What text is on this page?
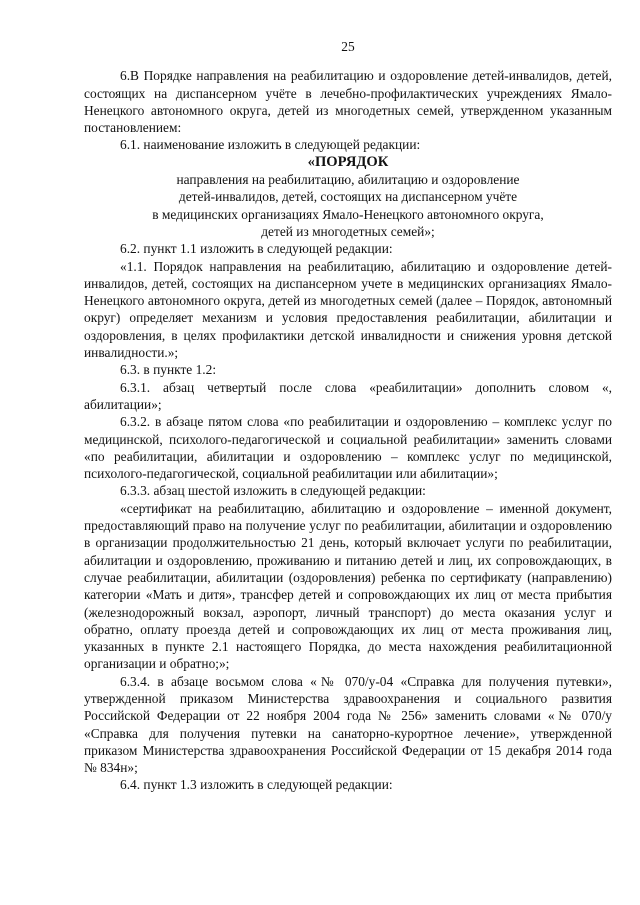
25

6.В Порядке направления на реабилитацию и оздоровление детей-инвалидов, детей, состоящих на диспансерном учёте в лечебно-профилактических учреждениях Ямало-Ненецкого автономного округа, детей из многодетных семей, утвержденном указанным постановлением:

6.1. наименование изложить в следующей редакции:

«ПОРЯДОК
направления на реабилитацию, абилитацию и оздоровление
детей-инвалидов, детей, состоящих на диспансерном учёте
в медицинских организациях Ямало-Ненецкого автономного округа,
детей из многодетных семей»;

6.2. пункт 1.1 изложить в следующей редакции:

«1.1. Порядок направления на реабилитацию, абилитацию и оздоровление детей-инвалидов, детей, состоящих на диспансерном учете в медицинских организациях Ямало-Ненецкого автономного округа, детей из многодетных семей (далее – Порядок, автономный округ) определяет механизм и условия предоставления реабилитации, абилитации и оздоровления, в целях профилактики детской инвалидности и снижения уровня детской инвалидности.»;

6.3. в пункте 1.2:

6.3.1. абзац четвертый после слова «реабилитации» дополнить словом «, абилитации»;

6.3.2. в абзаце пятом слова «по реабилитации и оздоровлению – комплекс услуг по медицинской, психолого-педагогической и социальной реабилитации» заменить словами «по реабилитации, абилитации и оздоровлению – комплекс услуг по медицинской, психолого-педагогической, социальной реабилитации или абилитации»;

6.3.3. абзац шестой изложить в следующей редакции:

«сертификат на реабилитацию, абилитацию и оздоровление – именной документ, предоставляющий право на получение услуг по реабилитации, абилитации и оздоровлению в организации продолжительностью 21 день, который включает услуги по реабилитации, абилитации и оздоровлению, проживанию и питанию детей и лиц, их сопровождающих, в случае реабилитации, абилитации (оздоровления) ребенка по сертификату (направлению) категории «Мать и дитя», трансфер детей и сопровождающих их лиц от места прибытия (железнодорожный вокзал, аэропорт, личный транспорт) до места оказания услуг и обратно, оплату проезда детей и сопровождающих их лиц от места проживания лиц, указанных в пункте 2.1 настоящего Порядка, до места нахождения реабилитационной организации и обратно;»;

6.3.4. в абзаце восьмом слова «№ 070/у-04 «Справка для получения путевки», утвержденной приказом Министерства здравоохранения и социального развития Российской Федерации от 22 ноября 2004 года № 256» заменить словами «№ 070/у «Справка для получения путевки на санаторно-курортное лечение», утвержденной приказом Министерства здравоохранения Российской Федерации от 15 декабря 2014 года № 834н»;

6.4. пункт 1.3 изложить в следующей редакции:
